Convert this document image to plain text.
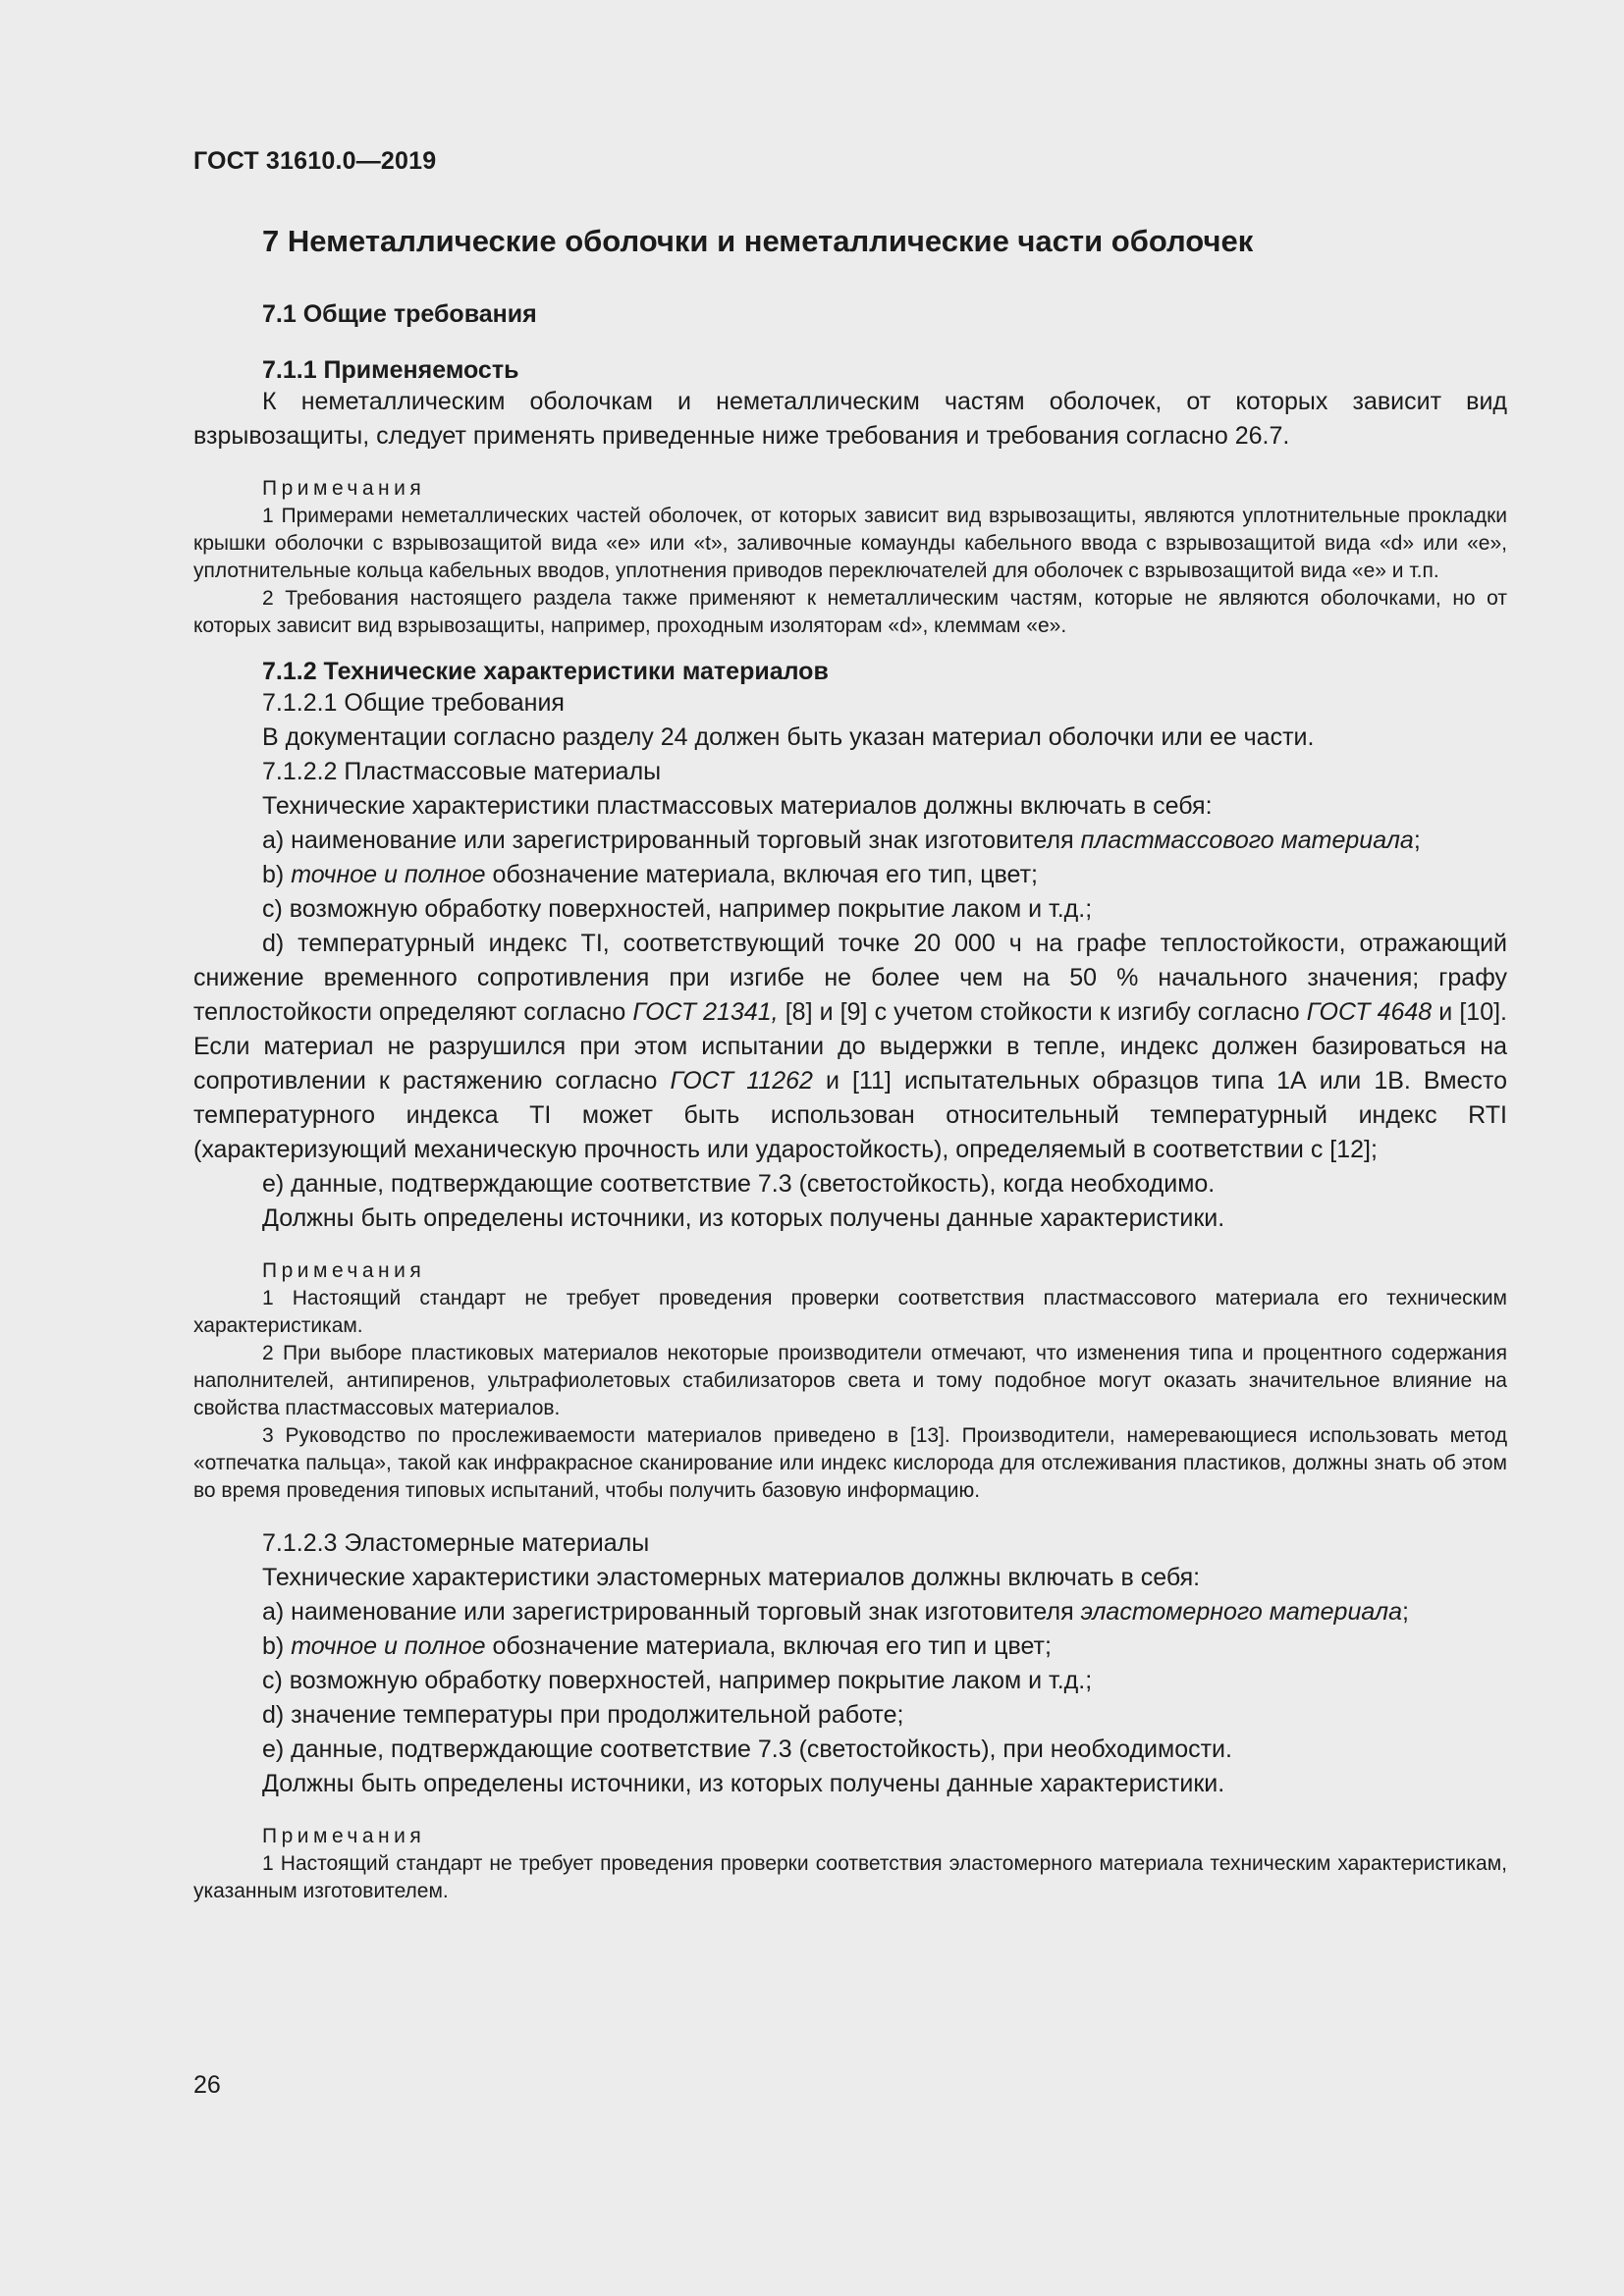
ГОСТ 31610.0—2019
7 Неметаллические оболочки и неметаллические части оболочек
7.1 Общие требования
7.1.1 Применяемость

К неметаллическим оболочкам и неметаллическим частям оболочек, от которых зависит вид взрывозащиты, следует применять приведенные ниже требования и требования согласно 26.7.

Примечания

1 Примерами неметаллических частей оболочек, от которых зависит вид взрывозащиты, являются уплотнительные прокладки крышки оболочки с взрывозащитой вида «е» или «t», заливочные комаунды кабельного ввода с взрывозащитой вида «d» или «е», уплотнительные кольца кабельных вводов, уплотнения приводов переключателей для оболочек с взрывозащитой вида «е» и т.п.

2 Требования настоящего раздела также применяют к неметаллическим частям, которые не являются оболочками, но от которых зависит вид взрывозащиты, например, проходным изоляторам «d», клеммам «е».

7.1.2 Технические характеристики материалов

7.1.2.1 Общие требования

В документации согласно разделу 24 должен быть указан материал оболочки или ее части.

7.1.2.2 Пластмассовые материалы

Технические характеристики пластмассовых материалов должны включать в себя:

a) наименование или зарегистрированный торговый знак изготовителя пластмассового материала;

b) точное и полное обозначение материала, включая его тип, цвет;

c) возможную обработку поверхностей, например покрытие лаком и т.д.;

d) температурный индекс TI, соответствующий точке 20 000 ч на графе теплостойкости, отражающий снижение временного сопротивления при изгибе не более чем на 50 % начального значения; графу теплостойкости определяют согласно ГОСТ 21341, [8] и [9] с учетом стойкости к изгибу согласно ГОСТ 4648 и [10]. Если материал не разрушился при этом испытании до выдержки в тепле, индекс должен базироваться на сопротивлении к растяжению согласно ГОСТ 11262 и [11] испытательных образцов типа 1А или 1В. Вместо температурного индекса TI может быть использован относительный температурный индекс RTI (характеризующий механическую прочность или ударостойкость), определяемый в соответствии с [12];

e) данные, подтверждающие соответствие 7.3 (светостойкость), когда необходимо.

Должны быть определены источники, из которых получены данные характеристики.

Примечания

1 Настоящий стандарт не требует проведения проверки соответствия пластмассового материала его техническим характеристикам.

2 При выборе пластиковых материалов некоторые производители отмечают, что изменения типа и процентного содержания наполнителей, антипиренов, ультрафиолетовых стабилизаторов света и тому подобное могут оказать значительное влияние на свойства пластмассовых материалов.

3 Руководство по прослеживаемости материалов приведено в [13]. Производители, намеревающиеся использовать метод «отпечатка пальца», такой как инфракрасное сканирование или индекс кислорода для отслеживания пластиков, должны знать об этом во время проведения типовых испытаний, чтобы получить базовую информацию.

7.1.2.3 Эластомерные материалы

Технические характеристики эластомерных материалов должны включать в себя:

a) наименование или зарегистрированный торговый знак изготовителя эластомерного материала;

b) точное и полное обозначение материала, включая его тип и цвет;

c) возможную обработку поверхностей, например покрытие лаком и т.д.;

d) значение температуры при продолжительной работе;

e) данные, подтверждающие соответствие 7.3 (светостойкость), при необходимости.

Должны быть определены источники, из которых получены данные характеристики.

Примечания

1 Настоящий стандарт не требует проведения проверки соответствия эластомерного материала техническим характеристикам, указанным изготовителем.

26
